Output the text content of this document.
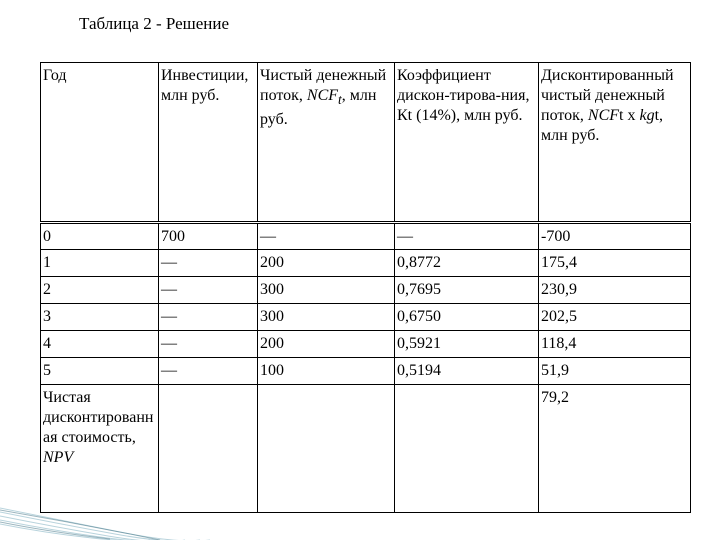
Таблица 2 - Решение
Год	Инвестиции, млн руб.	Чистый денежный поток, $NCF_t$, млн руб.	Коэффициент дискон-тирова-ния, Кt (14%), млн руб.	Дисконтированный чистый денежный поток, NCFt х kgt, млн руб.
0	700	—	—	-700
1	—	200	0,8772	175,4
2	—	300	0,7695	230,9
3	—	300	0,6750	202,5
4	—	200	0,5921	118,4
5	—	100	0,5194	51,9
Чистая дисконтированная стоимость, NPV				79,2
